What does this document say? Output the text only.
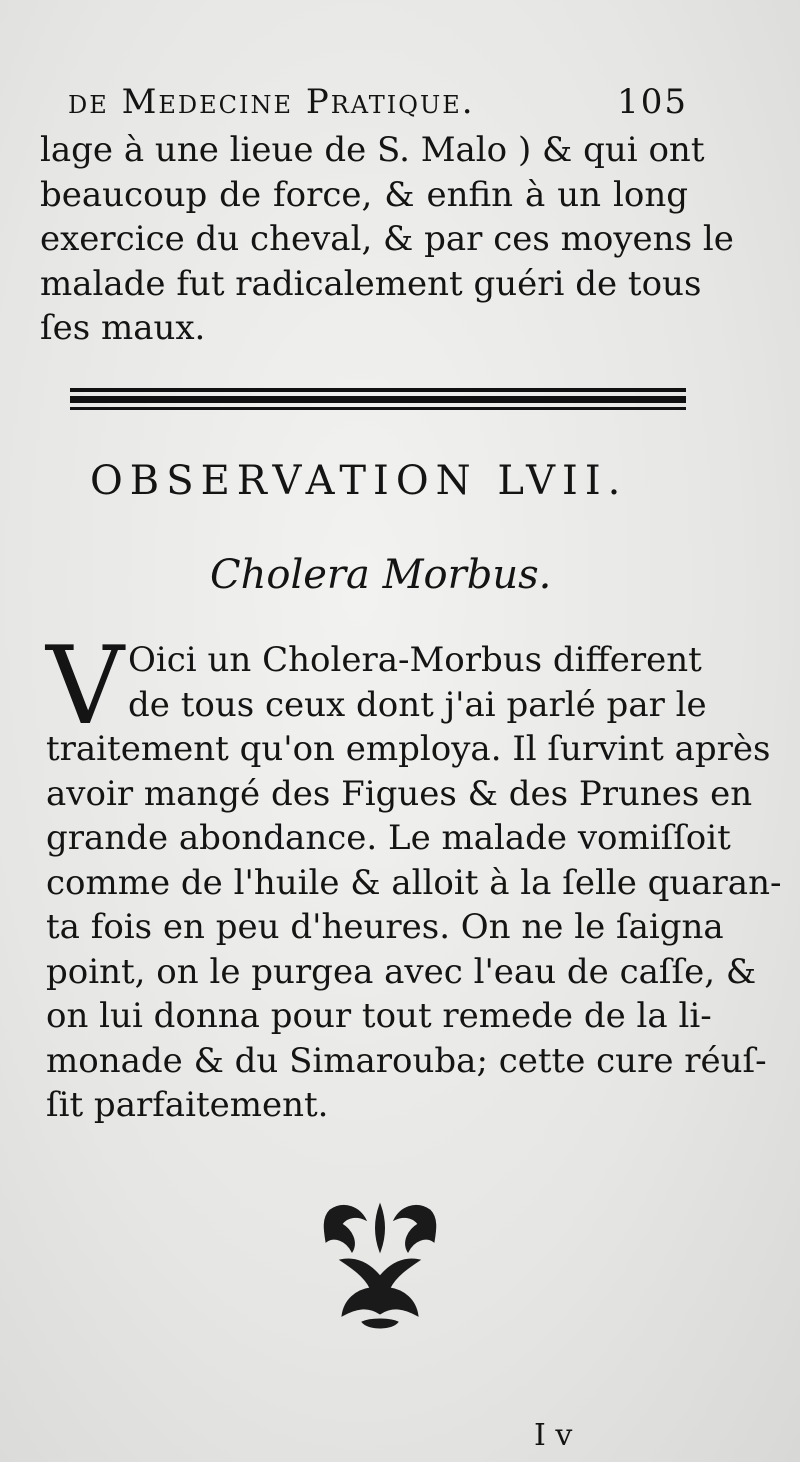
de Medecine Pratique.	105
lage à une lieue de S. Malo ) & qui ont
beaucoup de force, & enfin à un long
exercice du cheval, & par ces moyens le
malade fut radicalement guéri de tous
ſes maux.
OBSERVATION LVII.
Cholera Morbus.
V Oici un Cholera-Morbus different
de tous ceux dont j'ai parlé par le
traitement qu'on employa. Il ſurvint après
avoir mangé des Figues & des Prunes en
grande abondance. Le malade vomiſſoit
comme de l'huile & alloit à la ſelle quaran-
ta fois en peu d'heures. On ne le ſaigna
point, on le purgea avec l'eau de caſſe, &
on lui donna pour tout remede de la li-
monade & du Simarouba; cette cure réuſ-
ſit parfaitement.
Ⅰ v
